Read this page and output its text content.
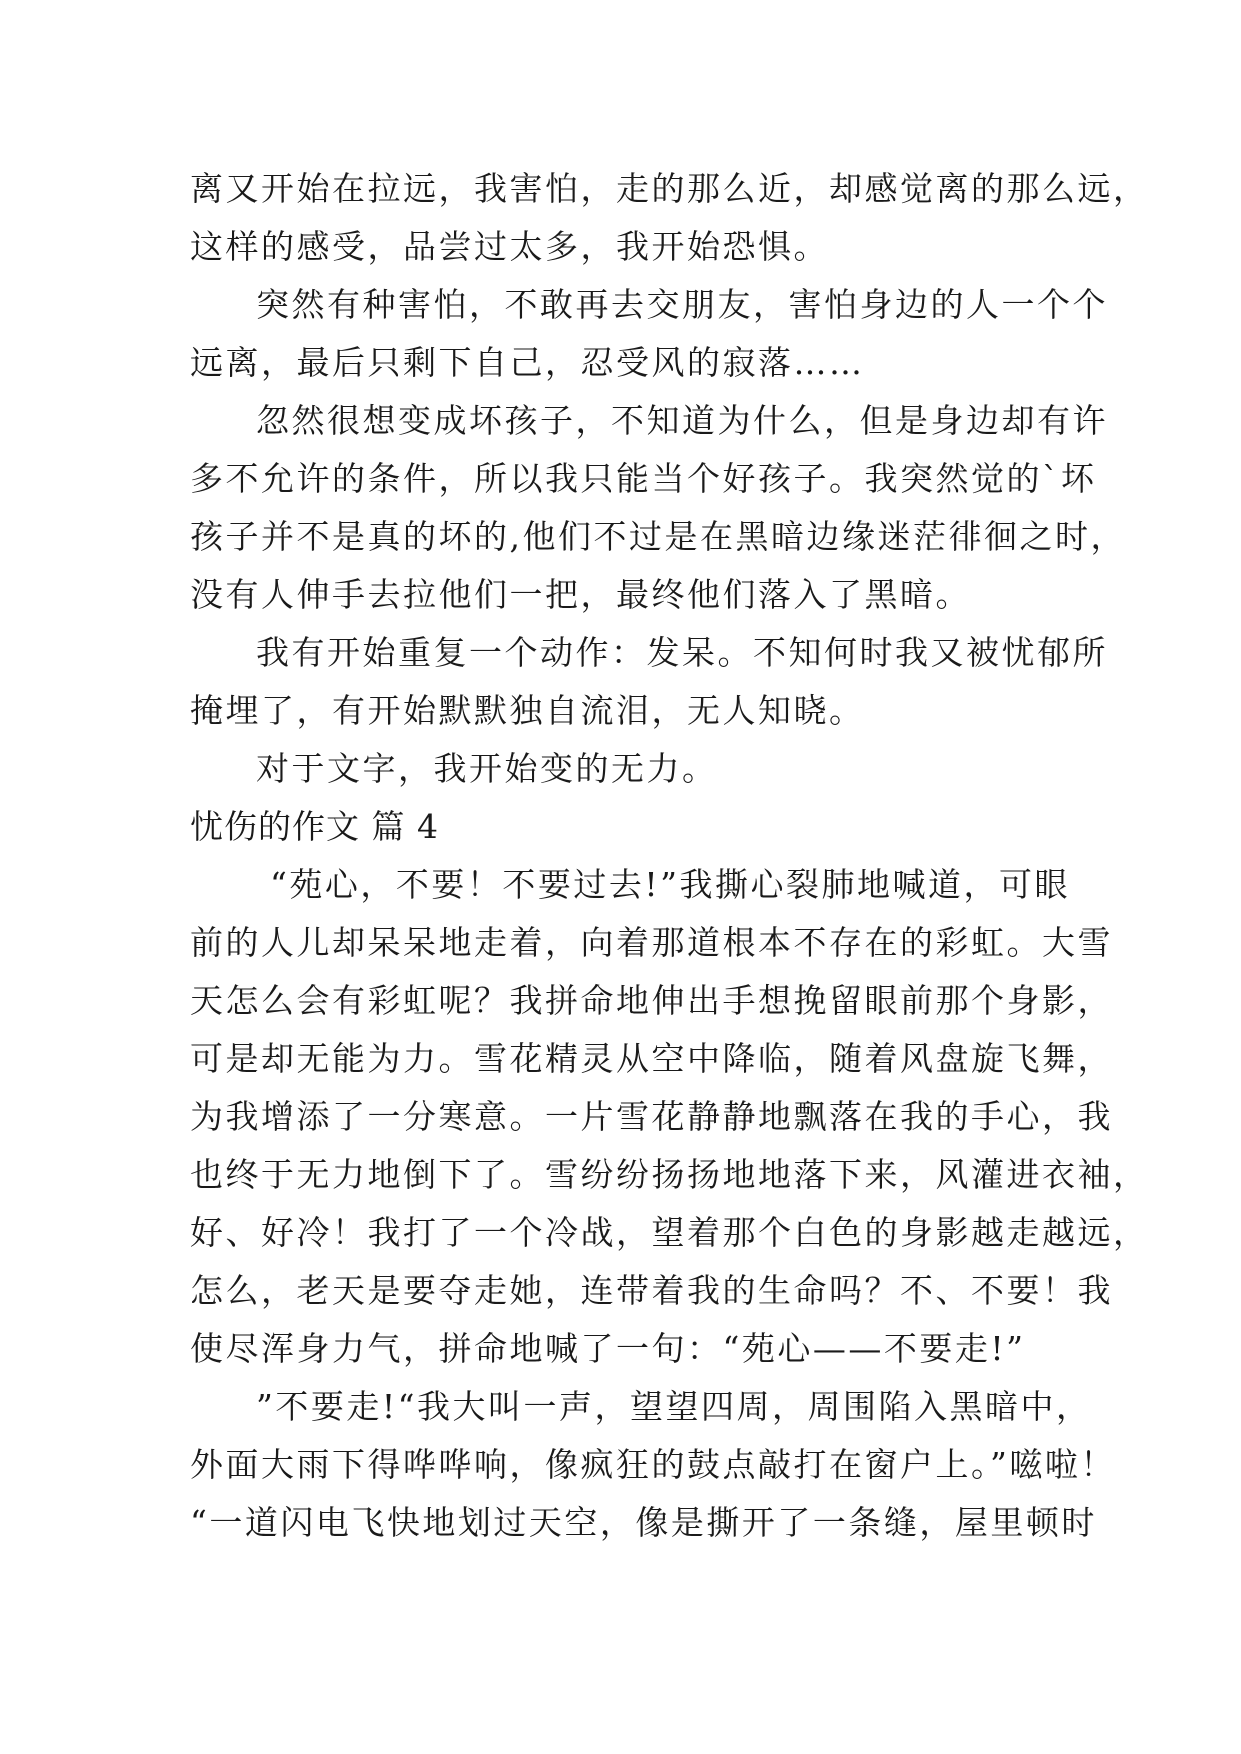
离又开始在拉远，我害怕，走的那么近，却感觉离的那么远，
这样的感受，品尝过太多，我开始恐惧。
突然有种害怕，不敢再去交朋友，害怕身边的人一个个
远离，最后只剩下自己，忍受风的寂落……
忽然很想变成坏孩子，不知道为什么，但是身边却有许
多不允许的条件，所以我只能当个好孩子。我突然觉的`坏
孩子并不是真的坏的,他们不过是在黑暗边缘迷茫徘徊之时，
没有人伸手去拉他们一把，最终他们落入了黑暗。
我有开始重复一个动作：发呆。不知何时我又被忧郁所
掩埋了，有开始默默独自流泪，无人知晓。
对于文字，我开始变的无力。
忧伤的作文 篇 4
“苑心，不要！不要过去!”我撕心裂肺地喊道，可眼
前的人儿却呆呆地走着，向着那道根本不存在的彩虹。大雪
天怎么会有彩虹呢？我拼命地伸出手想挽留眼前那个身影，
可是却无能为力。雪花精灵从空中降临，随着风盘旋飞舞，
为我增添了一分寒意。一片雪花静静地飘落在我的手心，我
也终于无力地倒下了。雪纷纷扬扬地地落下来，风灌进衣袖，
好、好冷！我打了一个冷战，望着那个白色的身影越走越远，
怎么，老天是要夺走她，连带着我的生命吗？不、不要！我
使尽浑身力气，拼命地喊了一句：“苑心——不要走!”
”不要走!“我大叫一声，望望四周，周围陷入黑暗中，
外面大雨下得哗哗响，像疯狂的鼓点敲打在窗户上。”嗞啦！
“一道闪电飞快地划过天空，像是撕开了一条缝，屋里顿时
